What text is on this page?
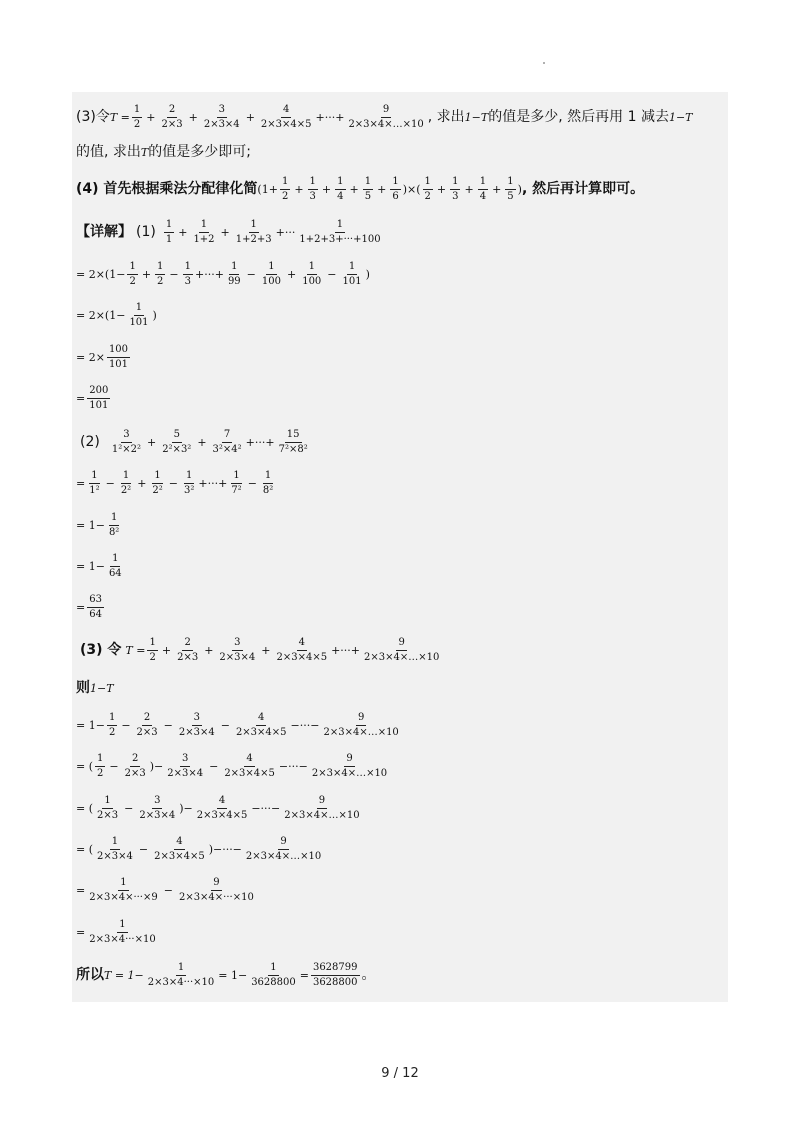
(3)令 $T = \frac{1}{2} + \frac{2}{2\times 3} + \frac{3}{2\times 3\times 4} + \frac{4}{2\times 3\times 4\times 5}$ +···+ $\frac{9}{2\times 3\times 4\times\dots\times 10}$ , 求出 1−T 的值是多少, 然后再用 1 减去 1−T
的值, 求出 T 的值是多少即可;
(4) 首先根据乘法分配律化简 ($1+ \frac{1}{2} + \frac{1}{3} + \frac{1}{4} + \frac{1}{5} + \frac{1}{6}$ )×( $\frac{1}{2} + \frac{1}{3} + \frac{1}{4} + \frac{1}{5}$ ) , 然后再计算即可。
【详解】 $(1) \frac{1}{1} + \frac{1}{1+2} + \frac{1}{1+2+3}$ +··· $\frac{1}{1+2+3+\cdot\cdot\cdot+100}$
= $2\times(1- \frac{1}{2} + \frac{1}{2} - \frac{1}{3}$ +···+ $\frac{1}{99} - \frac{1}{100} + \frac{1}{100} - \frac{1}{101}$ )
= $2\times(1- \frac{1}{101}$ )
= $2\times \frac{100}{101}$
= $\frac{200}{101}$
$(2) \frac{3}{\text{1²×2²}} + \frac{5}{\text{2²×3²}} + \frac{7}{\text{3²×4²}}$ +···+ $\frac{15}{\text{7²×8²}}$
= $\frac{1}{\text{1²}} - \frac{1}{\text{2²}} + \frac{1}{\text{2²}} - \frac{1}{\text{3²}}$ +···+ $\frac{1}{\text{7²}} - \frac{1}{\text{8²}}$
= $1- \frac{1}{\text{8²}}$
= $1- \frac{1}{64}$
= $\frac{63}{64}$
(3) 令 $T = \frac{1}{2} + \frac{2}{2\times 3} + \frac{3}{2\times 3\times 4} + \frac{4}{2\times 3\times 4\times 5}$ +···+ $\frac{9}{2\times 3\times 4\times\dots\times 10}$
则 1−T
= $1- \frac{1}{2} - \frac{2}{2\times 3} - \frac{3}{2\times 3\times 4} - \frac{4}{2\times 3\times 4\times 5}$ −···− $\frac{9}{2\times 3\times 4\times\dots\times 10}$
= ( $\frac{1}{2} - \frac{2}{2\times 3}$ )− $\frac{3}{2\times 3\times 4} - \frac{4}{2\times 3\times 4\times 5}$ −···− $\frac{9}{2\times 3\times 4\times\dots\times 10}$
= ( $\frac{1}{2\times 3} - \frac{3}{2\times 3\times 4}$ )− $\frac{4}{2\times 3\times 4\times 5}$ −···− $\frac{9}{2\times 3\times 4\times\dots\times 10}$
= ( $\frac{1}{2\times 3\times 4} - \frac{4}{2\times 3\times 4\times 5}$ )−···− $\frac{9}{2\times 3\times 4\times\dots\times 10}$
= $\frac{1}{2\times 3\times 4\times\cdot\cdot\cdot\times 9} - \frac{9}{2\times 3\times 4\times\cdot\cdot\cdot\times 10}$
= $\frac{1}{2\times 3\times 4\cdot\cdot\cdot\times 10}$
所以 $T = 1- \frac{1}{2\times 3\times 4\cdot\cdot\cdot\times 10} = 1- \frac{1}{3628800} = \frac{3628799}{3628800}$ 。
9 / 12
